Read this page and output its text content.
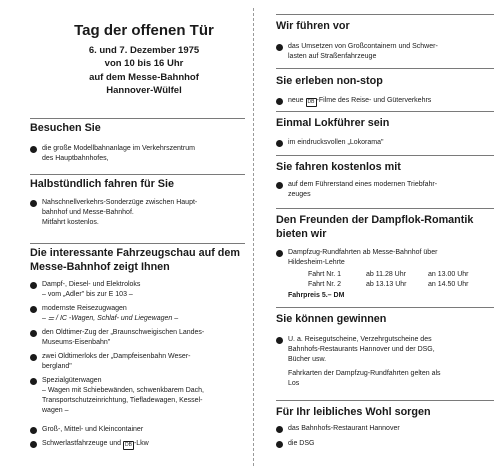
Tag der offenen Tür
6. und 7. Dezember 1975
von 10 bis 16 Uhr
auf dem Messe-Bahnhof
Hannover-Wülfel
Besuchen Sie
die große Modellbahnanlage im Verkehrszentrum
des Hauptbahnhofes,
Halbstündlich fahren für Sie
Nahschnellverkehrs-Sonderzüge zwischen Haupt-
bahnhof und Messe-Bahnhof.
Mitfahrt kostenlos.
Die interessante Fahrzeugschau auf dem
Messe-Bahnhof zeigt Ihnen
Dampf-, Diesel- und Elektroloks
– vom „Adler" bis zur E 103 –
modernste Reisezugwagen
– ⚌ / IC -Wagen, Schlaf- und Liegewagen –
den Oldtimer-Zug der „Braunschweigischen Landes-
Museums-Eisenbahn"
zwei Oldtimerloks der „Dampfeisenbahn Weser-
bergland"
Spezialgüterwagen
– Wagen mit Schiebewänden, schwenkbarem Dach,
Transportschutzeinrichtung, Tiefladewagen, Kessel-
wagen –
Groß-, Mittel- und Kleincontainer
Schwerlastfahrzeuge und DB -Lkw
Wir führen vor
das Umsetzen von Großcontainern und Schwer-
lasten auf Straßenfahrzeuge
Sie erleben non-stop
neue DB -Filme des Reise- und Güterverkehrs
Einmal Lokführer sein
im eindrucksvollen „Lokorama"
Sie fahren kostenlos mit
auf dem Führerstand eines modernen Triebfahr-
zeuges
Den Freunden der Dampflok-Romantik
bieten wir
Dampfzug-Rundfahrten ab Messe-Bahnhof über
Hildesheim-Lehrte
Fahrt Nr. 1	ab 11.28 Uhr	an 13.00 Uhr
Fahrt Nr. 2	ab 13.13 Uhr	an 14.50 Uhr
Fahrpreis 5.– DM
Sie können gewinnen
U. a. Reisegutscheine, Verzehrgutscheine des
Bahnhofs-Restaurants Hannover und der DSG,
Bücher usw.
Fahrkarten der Dampfzug-Rundfahrten gelten als
Los
Für Ihr leibliches Wohl sorgen
das Bahnhofs-Restaurant Hannover
die DSG
